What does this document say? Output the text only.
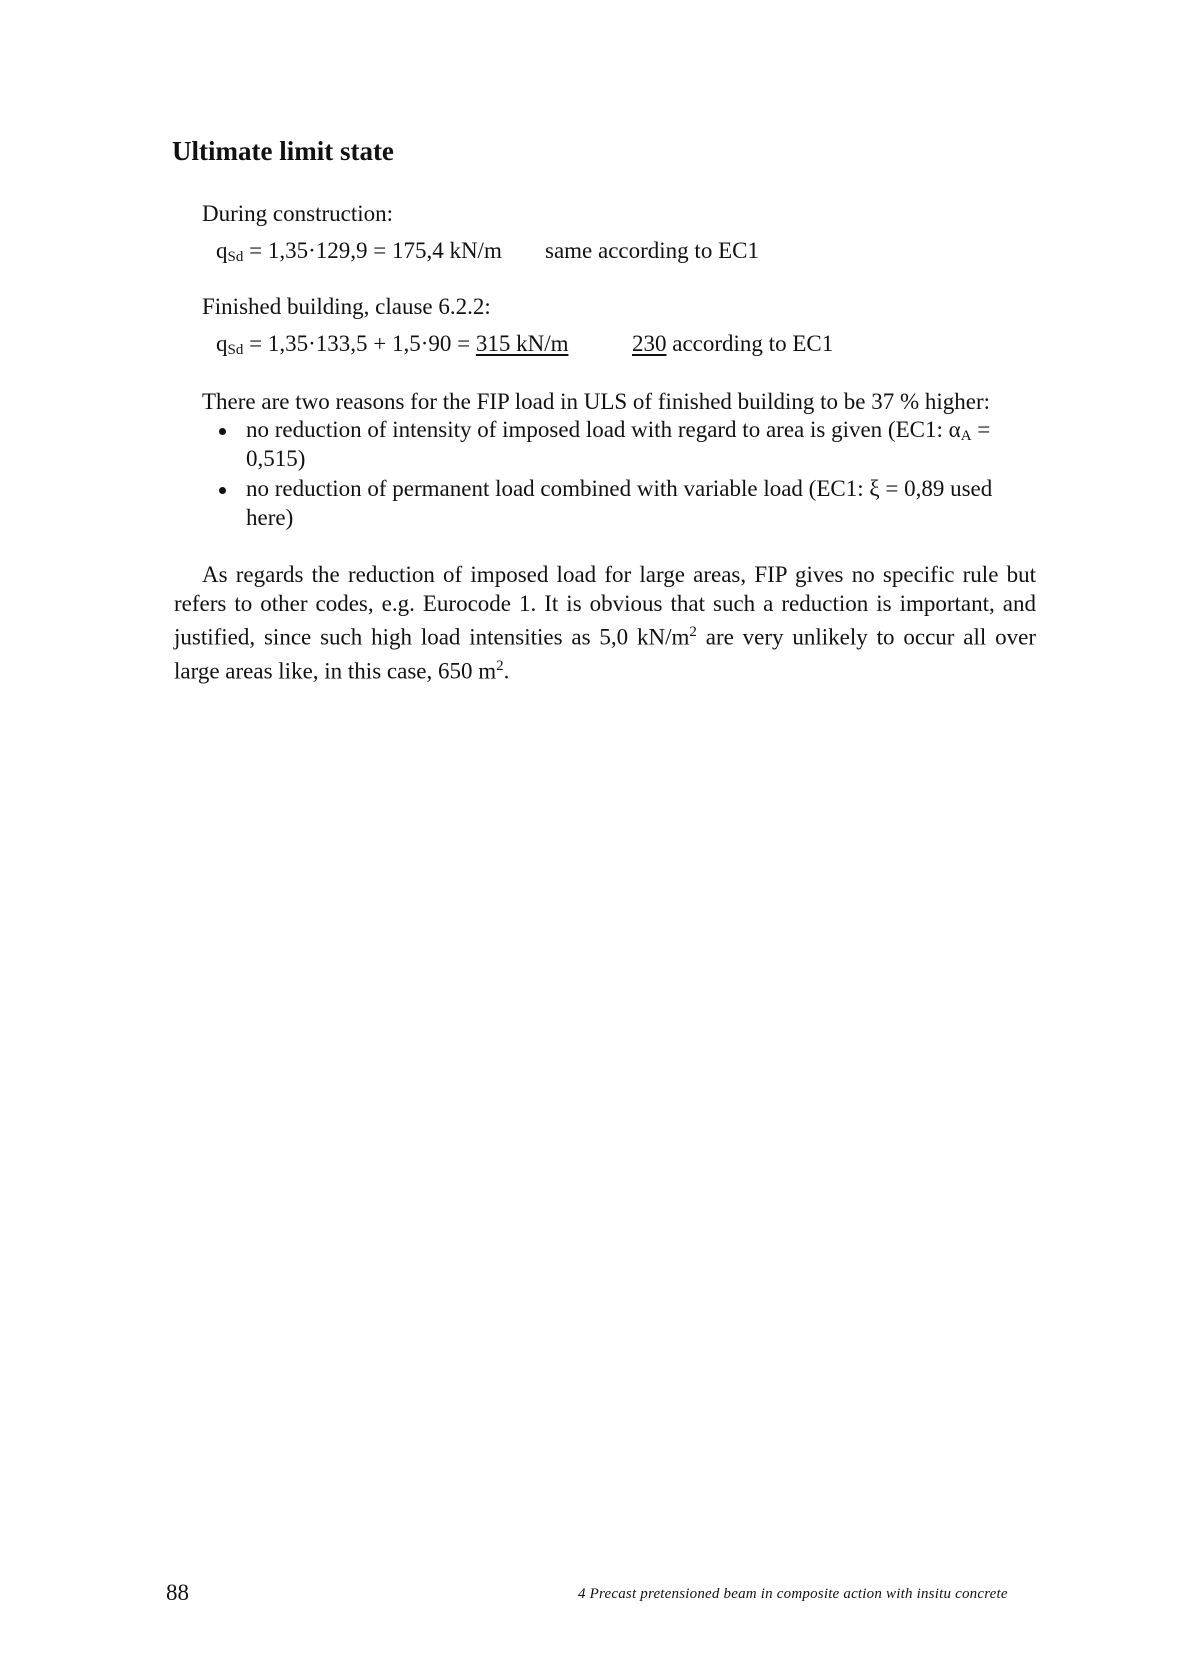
Ultimate limit state
During construction:
$q_{Sd} = 1,35\cdot 129,9 = 175,4$ kN/m same according to EC1
Finished building, clause 6.2.2:
$q_{Sd} = 1,35\cdot 133,5 + 1,5\cdot 90 = 315$ kN/m	230 according to EC1
There are two reasons for the FIP load in ULS of finished building to be 37 % higher:
no reduction of intensity of imposed load with regard to area is given (EC1: $\alpha_A$ =
0,515)
no reduction of permanent load combined with variable load (EC1: ξ = 0,89 used
here)
As regards the reduction of imposed load for large areas, FIP gives no specific rule but refers to other codes, e.g. Eurocode 1. It is obvious that such a reduction is important, and justified, since such high load intensities as 5,0 $kN/m^2$ are very unlikely to occur all over large areas like, in this case, 650 $m^2$.
88	4 Precast pretensioned beam in composite action with insitu concrete
